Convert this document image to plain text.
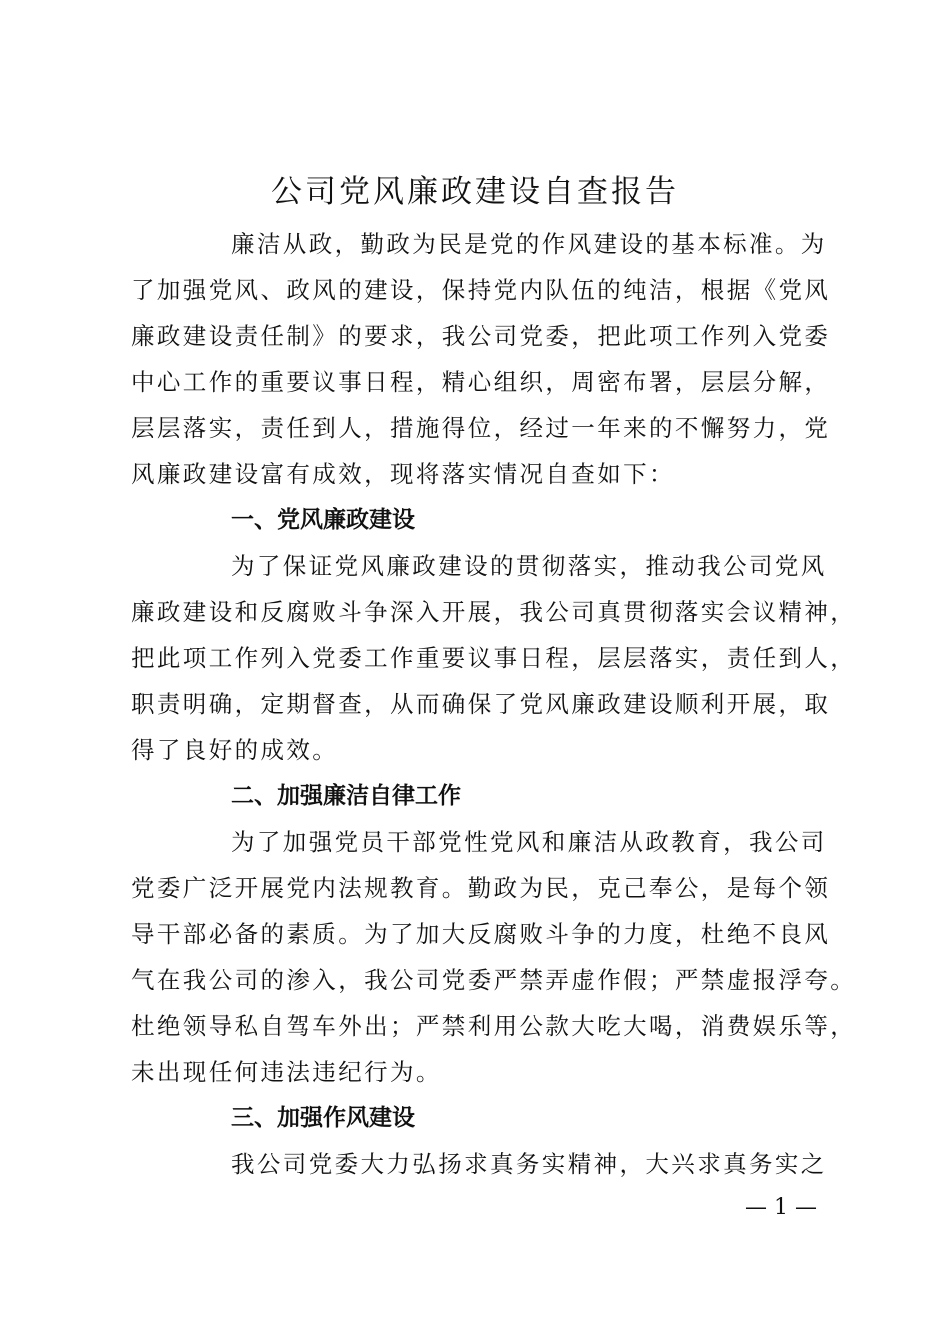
公司党风廉政建设自查报告
廉洁从政，勤政为民是党的作风建设的基本标准。为
了加强党风、政风的建设，保持党内队伍的纯洁，根据《党风
廉政建设责任制》的要求，我公司党委，把此项工作列入党委
中心工作的重要议事日程，精心组织，周密布署，层层分解，
层层落实，责任到人，措施得位，经过一年来的不懈努力，党
风廉政建设富有成效，现将落实情况自查如下：
一、党风廉政建设
为了保证党风廉政建设的贯彻落实，推动我公司党风
廉政建设和反腐败斗争深入开展，我公司真贯彻落实会议精神，
把此项工作列入党委工作重要议事日程，层层落实，责任到人，
职责明确，定期督查，从而确保了党风廉政建设顺利开展，取
得了良好的成效。
二、加强廉洁自律工作
为了加强党员干部党性党风和廉洁从政教育，我公司
党委广泛开展党内法规教育。勤政为民，克己奉公，是每个领
导干部必备的素质。为了加大反腐败斗争的力度，杜绝不良风
气在我公司的渗入，我公司党委严禁弄虚作假；严禁虚报浮夸。
杜绝领导私自驾车外出；严禁利用公款大吃大喝，消费娱乐等，
未出现任何违法违纪行为。
三、加强作风建设
我公司党委大力弘扬求真务实精神，大兴求真务实之
— 1 —
